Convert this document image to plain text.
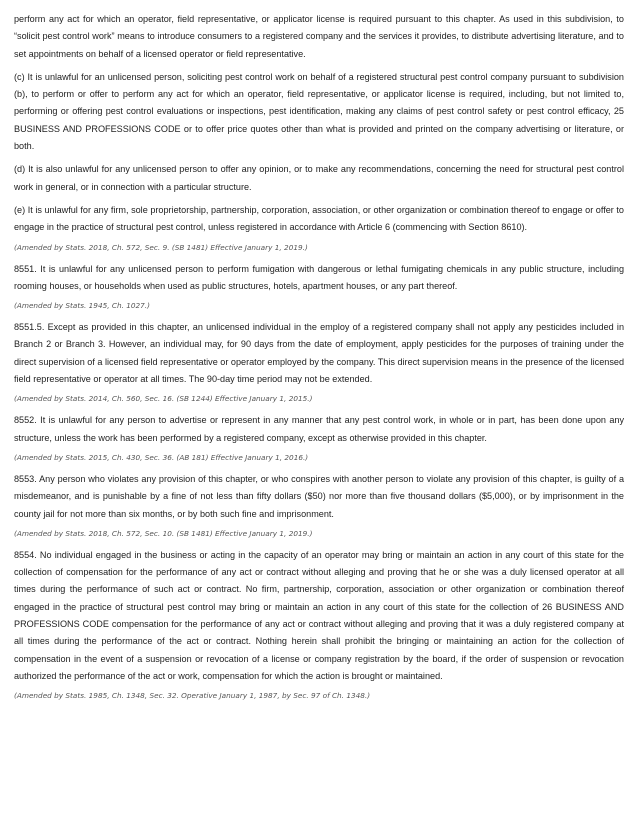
perform any act for which an operator, field representative, or applicator license is required pursuant to this chapter. As used in this subdivision, to “solicit pest control work” means to introduce consumers to a registered company and the services it provides, to distribute advertising literature, and to set appointments on behalf of a licensed operator or field representative.

(c) It is unlawful for an unlicensed person, soliciting pest control work on behalf of a registered structural pest control company pursuant to subdivision (b), to perform or offer to perform any act for which an operator, field representative, or applicator license is required, including, but not limited to, performing or offering pest control evaluations or inspections, pest identification, making any claims of pest control safety or pest control efficacy, 25 BUSINESS AND PROFESSIONS CODE or to offer price quotes other than what is provided and printed on the company advertising or literature, or both.

(d) It is also unlawful for any unlicensed person to offer any opinion, or to make any recommendations, concerning the need for structural pest control work in general, or in connection with a particular structure.

(e) It is unlawful for any firm, sole proprietorship, partnership, corporation, association, or other organization or combination thereof to engage or offer to engage in the practice of structural pest control, unless registered in accordance with Article 6 (commencing with Section 8610).

(Amended by Stats. 2018, Ch. 572, Sec. 9. (SB 1481) Effective January 1, 2019.)

8551. It is unlawful for any unlicensed person to perform fumigation with dangerous or lethal fumigating chemicals in any public structure, including rooming houses, or households when used as public structures, hotels, apartment houses, or any part thereof.

(Amended by Stats. 1945, Ch. 1027.)

8551.5. Except as provided in this chapter, an unlicensed individual in the employ of a registered company shall not apply any pesticides included in Branch 2 or Branch 3. However, an individual may, for 90 days from the date of employment, apply pesticides for the purposes of training under the direct supervision of a licensed field representative or operator employed by the company. This direct supervision means in the presence of the licensed field representative or operator at all times. The 90-day time period may not be extended.

(Amended by Stats. 2014, Ch. 560, Sec. 16. (SB 1244) Effective January 1, 2015.)

8552. It is unlawful for any person to advertise or represent in any manner that any pest control work, in whole or in part, has been done upon any structure, unless the work has been performed by a registered company, except as otherwise provided in this chapter.

(Amended by Stats. 2015, Ch. 430, Sec. 36. (AB 181) Effective January 1, 2016.)

8553. Any person who violates any provision of this chapter, or who conspires with another person to violate any provision of this chapter, is guilty of a misdemeanor, and is punishable by a fine of not less than fifty dollars ($50) nor more than five thousand dollars ($5,000), or by imprisonment in the county jail for not more than six months, or by both such fine and imprisonment.

(Amended by Stats. 2018, Ch. 572, Sec. 10. (SB 1481) Effective January 1, 2019.)

8554. No individual engaged in the business or acting in the capacity of an operator may bring or maintain an action in any court of this state for the collection of compensation for the performance of any act or contract without alleging and proving that he or she was a duly licensed operator at all times during the performance of such act or contract. No firm, partnership, corporation, association or other organization or combination thereof engaged in the practice of structural pest control may bring or maintain an action in any court of this state for the collection of 26 BUSINESS AND PROFESSIONS CODE compensation for the performance of any act or contract without alleging and proving that it was a duly registered company at all times during the performance of the act or contract. Nothing herein shall prohibit the bringing or maintaining an action for the collection of compensation in the event of a suspension or revocation of a license or company registration by the board, if the order of suspension or revocation authorized the performance of the act or work, compensation for which the action is brought or maintained.

(Amended by Stats. 1985, Ch. 1348, Sec. 32. Operative January 1, 1987, by Sec. 97 of Ch. 1348.)
